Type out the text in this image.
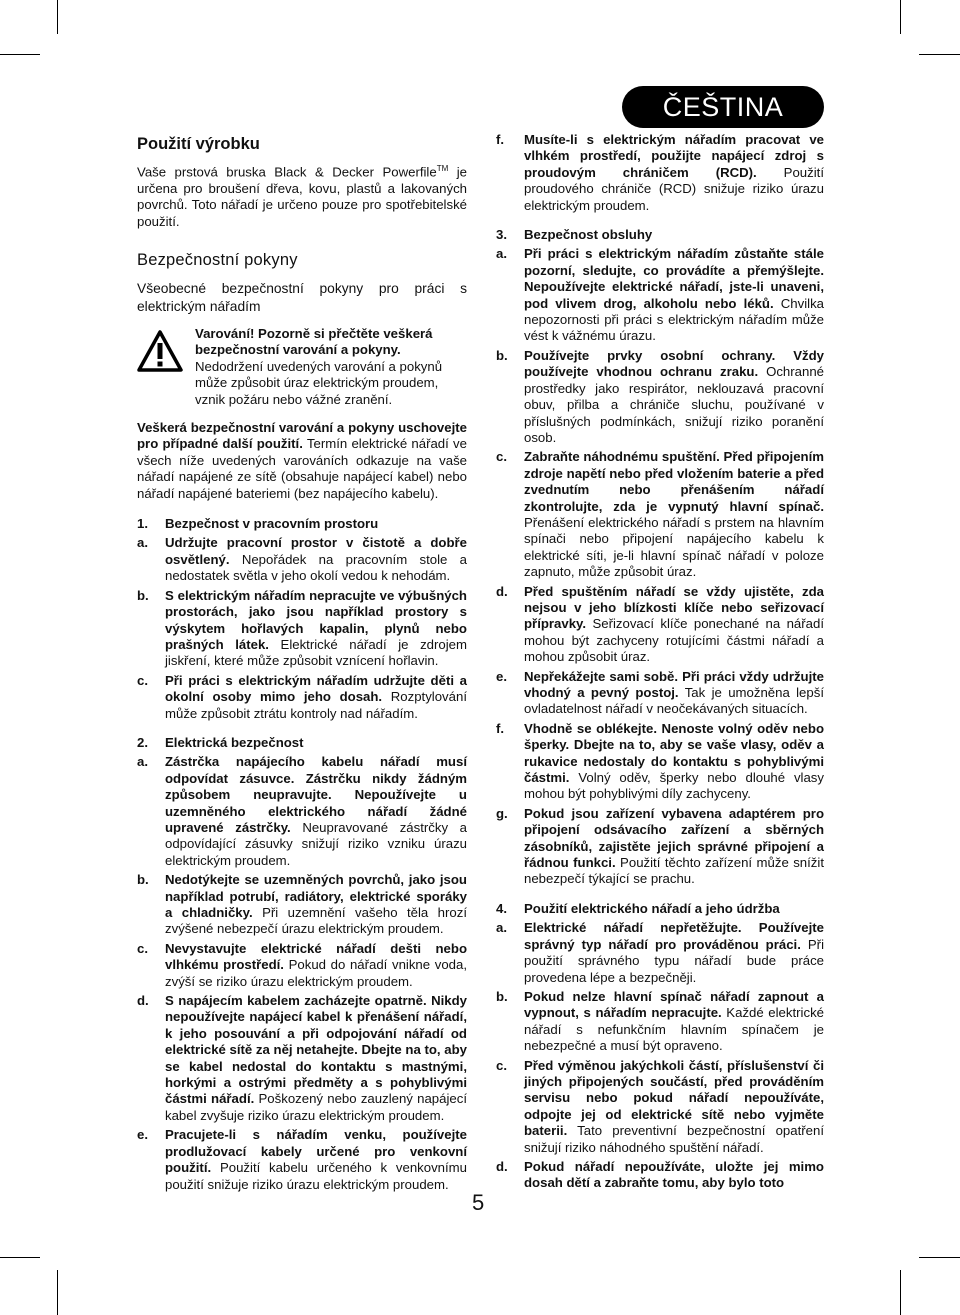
ČEŠTINA
Použití výrobku

Vaše prstová bruska Black & Decker Powerfile™ je určena pro broušení dřeva, kovu, plastů a lakovaných povrchů. Toto nářadí je určeno pouze pro spotřebitelské použití.

Bezpečnostní pokyny

Všeobecné bezpečnostní pokyny pro práci s elektrickým nářadím

Varování! Pozorně si přečtěte veškerá bezpečnostní varování a pokyny. Nedodržení uvedených varování a pokynů může způsobit úraz elektrickým proudem, vznik požáru nebo vážné zranění.

Veškerá bezpečnostní varování a pokyny uschovejte pro případné další použití. Termín elektrické nářadí ve všech níže uvedených varováních odkazuje na vaše nářadí napájené ze sítě (obsahuje napájecí kabel) nebo nářadí napájené bateriemi (bez napájecího kabelu).

1.	Bezpečnost v pracovním prostoru
a.	Udržujte pracovní prostor v čistotě a dobře osvětlený. Nepořádek na pracovním stole a nedostatek světla v jeho okolí vedou k nehodám.
b.	S elektrickým nářadím nepracujte ve výbušných prostorách, jako jsou například prostory s výskytem hořlavých kapalin, plynů nebo prašných látek. Elektrické nářadí je zdrojem jiskření, které může způsobit vznícení hořlavin.
c.	Při práci s elektrickým nářadím udržujte děti a okolní osoby mimo jeho dosah. Rozptylování může způsobit ztrátu kontroly nad nářadím.
2.	Elektrická bezpečnost
a.	Zástrčka napájecího kabelu nářadí musí odpovídat zásuvce. Zástrčku nikdy žádným způsobem neupravujte. Nepoužívejte u uzemněného elektrického nářadí žádné upravené zástrčky. Neupravované zástrčky a odpovídající zásuvky snižují riziko vzniku úrazu elektrickým proudem.
b.	Nedotýkejte se uzemněných povrchů, jako jsou například potrubí, radiátory, elektrické sporáky a chladničky. Při uzemnění vašeho těla hrozí zvýšené nebezpečí úrazu elektrickým proudem.
c.	Nevystavujte elektrické nářadí dešti nebo vlhkému prostředí. Pokud do nářadí vnikne voda, zvýší se riziko úrazu elektrickým proudem.
d.	S napájecím kabelem zacházejte opatrně. Nikdy nepoužívejte napájecí kabel k přenášení nářadí, k jeho posouvání a při odpojování nářadí od elektrické sítě za něj netahejte. Dbejte na to, aby se kabel nedostal do kontaktu s mastnými, horkými a ostrými předměty a s pohyblivými částmi nářadí. Poškozený nebo zauzlený napájecí kabel zvyšuje riziko úrazu elektrickým proudem.
e.	Pracujete-li s nářadím venku, používejte prodlužovací kabely určené pro venkovní použití. Použití kabelu určeného k venkovnímu použití snižuje riziko úrazu elektrickým proudem.
f.	Musíte-li s elektrickým nářadím pracovat ve vlhkém prostředí, použijte napájecí zdroj s proudovým chráničem (RCD). Použití proudového chrániče (RCD) snižuje riziko úrazu elektrickým proudem.
3.	Bezpečnost obsluhy
a.	Při práci s elektrickým nářadím zůstaňte stále pozorní, sledujte, co provádíte a přemýšlejte. Nepoužívejte elektrické nářadí, jste-li unaveni, pod vlivem drog, alkoholu nebo léků. Chvilka nepozornosti při práci s elektrickým nářadím může vést k vážnému úrazu.
b.	Používejte prvky osobní ochrany. Vždy používejte vhodnou ochranu zraku. Ochranné prostředky jako respirátor, neklouzavá pracovní obuv, přilba a chrániče sluchu, používané v příslušných podmínkách, snižují riziko poranění osob.
c.	Zabraňte náhodnému spuštění. Před připojením zdroje napětí nebo před vložením baterie a před zvednutím nebo přenášením nářadí zkontrolujte, zda je vypnutý hlavní spínač. Přenášení elektrického nářadí s prstem na hlavním spínači nebo připojení napájecího kabelu k elektrické síti, je-li hlavní spínač nářadí v poloze zapnuto, může způsobit úraz.
d.	Před spuštěním nářadí se vždy ujistěte, zda nejsou v jeho blízkosti klíče nebo seřizovací přípravky. Seřizovací klíče ponechané na nářadí mohou být zachyceny rotujícími částmi nářadí a mohou způsobit úraz.
e.	Nepřekážejte sami sobě. Při práci vždy udržujte vhodný a pevný postoj. Tak je umožněna lepší ovladatelnost nářadí v neočekávaných situacích.
f.	Vhodně se oblékejte. Nenoste volný oděv nebo šperky. Dbejte na to, aby se vaše vlasy, oděv a rukavice nedostaly do kontaktu s pohyblivými částmi. Volný oděv, šperky nebo dlouhé vlasy mohou být pohyblivými díly zachyceny.
g.	Pokud jsou zařízení vybavena adaptérem pro připojení odsávacího zařízení a sběrných zásobníků, zajistěte jejich správné připojení a řádnou funkci. Použití těchto zařízení může snížit nebezpečí týkající se prachu.
4.	Použití elektrického nářadí a jeho údržba
a.	Elektrické nářadí nepřetěžujte. Používejte správný typ nářadí pro prováděnou práci. Při použití správného typu nářadí bude práce provedena lépe a bezpečněji.
b.	Pokud nelze hlavní spínač nářadí zapnout a vypnout, s nářadím nepracujte. Každé elektrické nářadí s nefunkčním hlavním spínačem je nebezpečné a musí být opraveno.
c.	Před výměnou jakýchkoli částí, příslušenství či jiných připojených součástí, před prováděním servisu nebo pokud nářadí nepoužíváte, odpojte jej od elektrické sítě nebo vyjměte baterii. Tato preventivní bezpečnostní opatření snižují riziko náhodného spuštění nářadí.
d.	Pokud nářadí nepoužíváte, uložte jej mimo dosah dětí a zabraňte tomu, aby bylo toto
5
